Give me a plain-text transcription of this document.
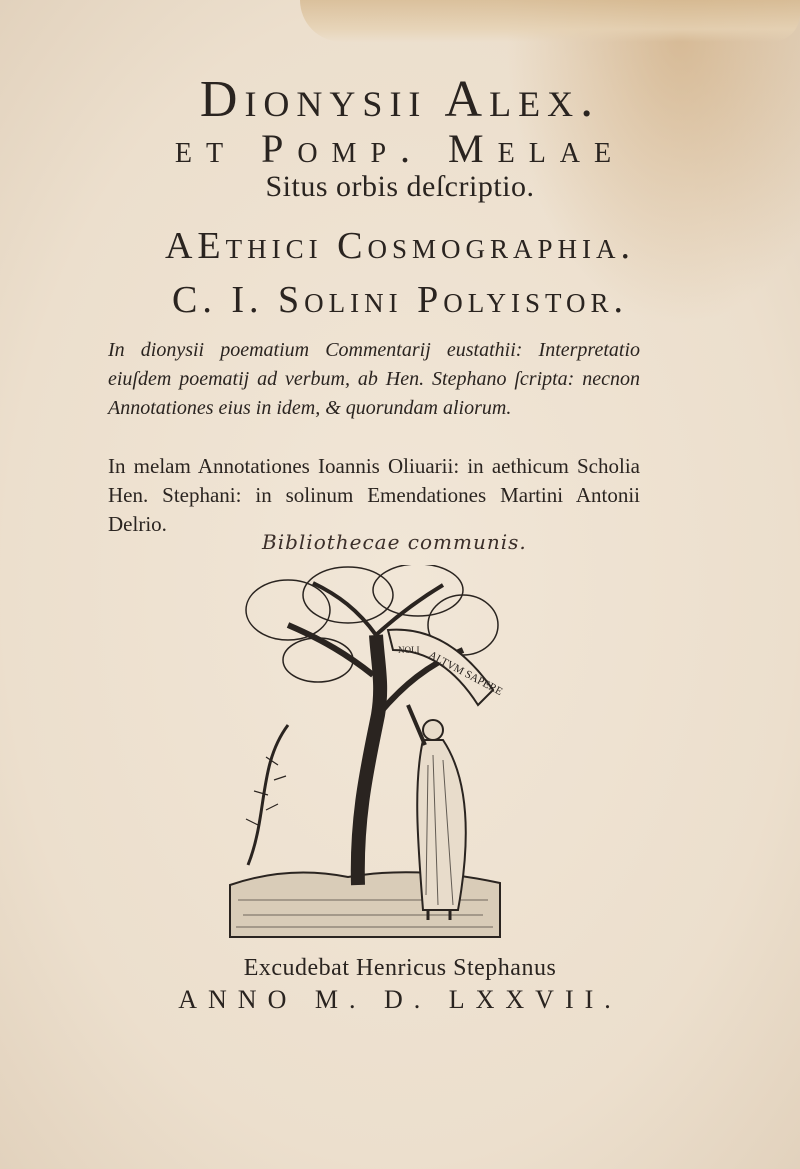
Dionysii Alex.
et Pomp. Melae
Situs orbis deſcriptio.
AEthici Cosmographia.
C. I. Solini Polyistor.
In dionysii poematium Commentarij eustathii: Interpretatio eiuſdem poematij ad verbum, ab Hen. Stephano ſcripta: necnon Annotationes eius in idem, & quorundam aliorum.
In melam Annotationes Ioannis Oliuarii: in aethicum Scholia Hen. Stephani: in solinum Emendationes Martini Antonii Delrio.
Bibliothecae communis.
ALTVM SAPERE
NOLI
Excudebat Henricus Stephanus
ANNO M. D. LXXVII.
